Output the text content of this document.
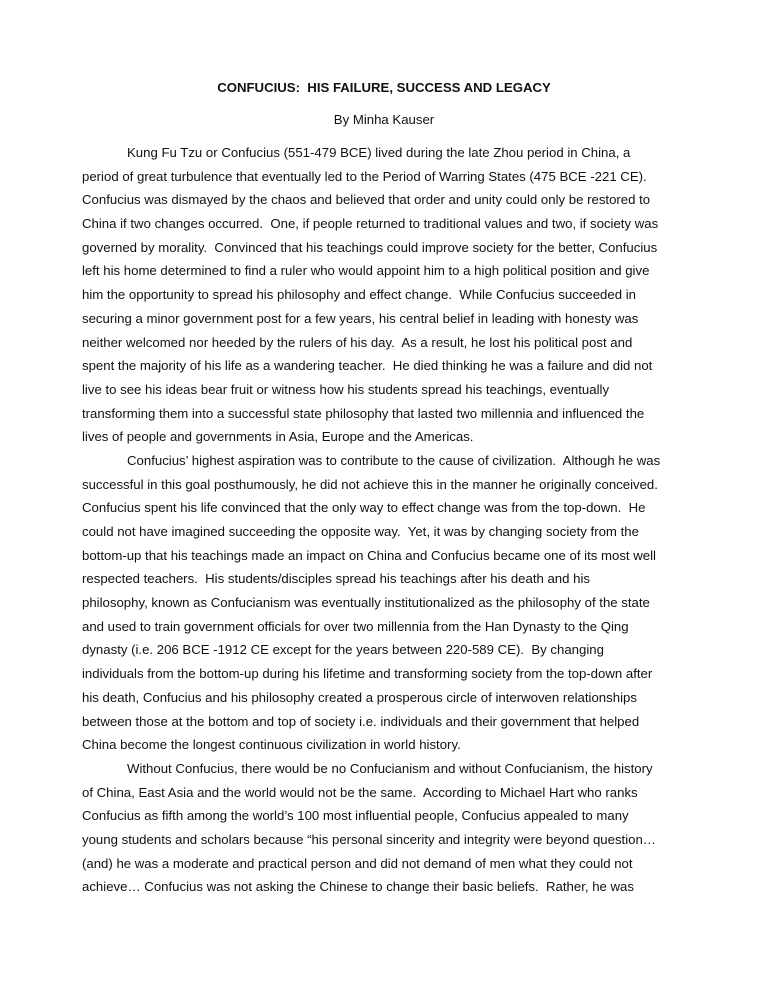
CONFUCIUS:  HIS FAILURE, SUCCESS AND LEGACY
By Minha Kauser
Kung Fu Tzu or Confucius (551-479 BCE) lived during the late Zhou period in China, a
period of great turbulence that eventually led to the Period of Warring States (475 BCE -221 CE).
Confucius was dismayed by the chaos and believed that order and unity could only be restored to
China if two changes occurred.  One, if people returned to traditional values and two, if society was
governed by morality.  Convinced that his teachings could improve society for the better, Confucius
left his home determined to find a ruler who would appoint him to a high political position and give
him the opportunity to spread his philosophy and effect change.  While Confucius succeeded in
securing a minor government post for a few years, his central belief in leading with honesty was
neither welcomed nor heeded by the rulers of his day.  As a result, he lost his political post and
spent the majority of his life as a wandering teacher.  He died thinking he was a failure and did not
live to see his ideas bear fruit or witness how his students spread his teachings, eventually
transforming them into a successful state philosophy that lasted two millennia and influenced the
lives of people and governments in Asia, Europe and the Americas.
Confucius’ highest aspiration was to contribute to the cause of civilization.  Although he was
successful in this goal posthumously, he did not achieve this in the manner he originally conceived.
Confucius spent his life convinced that the only way to effect change was from the top-down.  He
could not have imagined succeeding the opposite way.  Yet, it was by changing society from the
bottom-up that his teachings made an impact on China and Confucius became one of its most well
respected teachers.  His students/disciples spread his teachings after his death and his
philosophy, known as Confucianism was eventually institutionalized as the philosophy of the state
and used to train government officials for over two millennia from the Han Dynasty to the Qing
dynasty (i.e. 206 BCE -1912 CE except for the years between 220-589 CE).  By changing
individuals from the bottom-up during his lifetime and transforming society from the top-down after
his death, Confucius and his philosophy created a prosperous circle of interwoven relationships
between those at the bottom and top of society i.e. individuals and their government that helped
China become the longest continuous civilization in world history.
Without Confucius, there would be no Confucianism and without Confucianism, the history
of China, East Asia and the world would not be the same.  According to Michael Hart who ranks
Confucius as fifth among the world’s 100 most influential people, Confucius appealed to many
young students and scholars because “his personal sincerity and integrity were beyond question…
(and) he was a moderate and practical person and did not demand of men what they could not
achieve… Confucius was not asking the Chinese to change their basic beliefs.  Rather, he was
